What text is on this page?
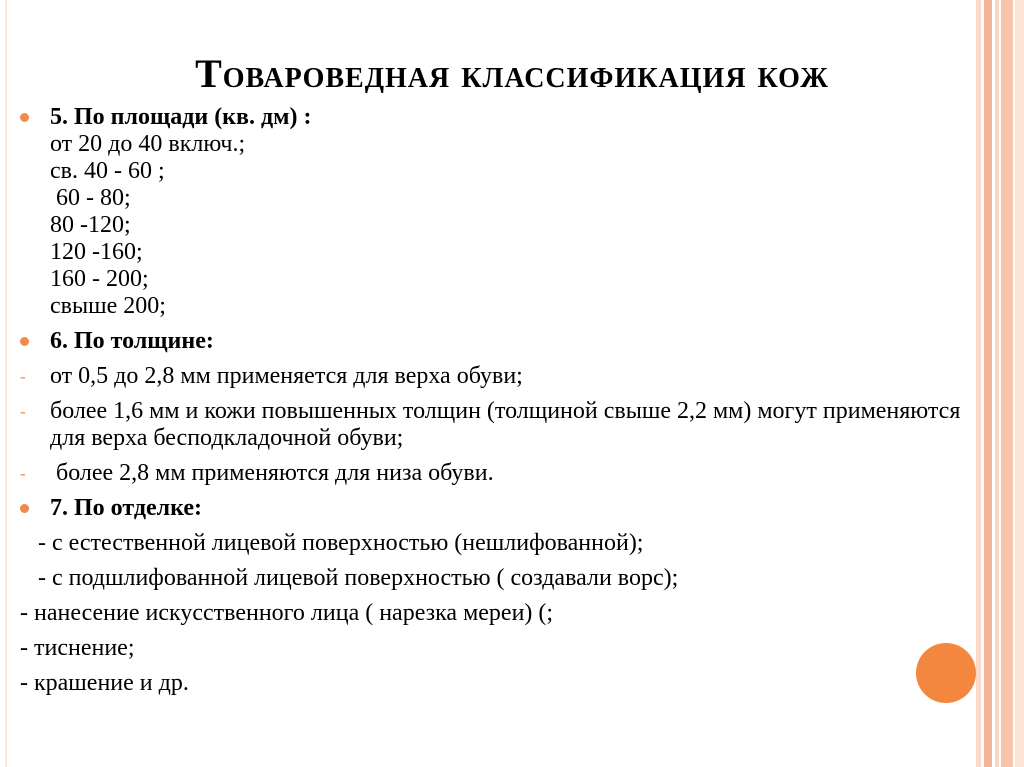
Товароведная классификация кож
5. По площади (кв. дм) :
от 20 до 40 включ.;
св. 40 - 60 ;
60 - 80;
80 -120;
120 -160;
160 - 200;
свыше 200;
6. По толщине:
- от 0,5 до 2,8 мм применяется для верха обуви;
- более 1,6 мм и кожи повышенных толщин (толщиной свыше 2,2 мм) могут применяются для верха бесподкладочной обуви;
- более 2,8 мм применяются для низа обуви.
7. По отделке:
- с естественной лицевой поверхностью (нешлифованной);
- с подшлифованной лицевой поверхностью ( создавали ворс);
- нанесение искусственного лица ( нарезка мереи) (;
- тиснение;
- крашение и др.
